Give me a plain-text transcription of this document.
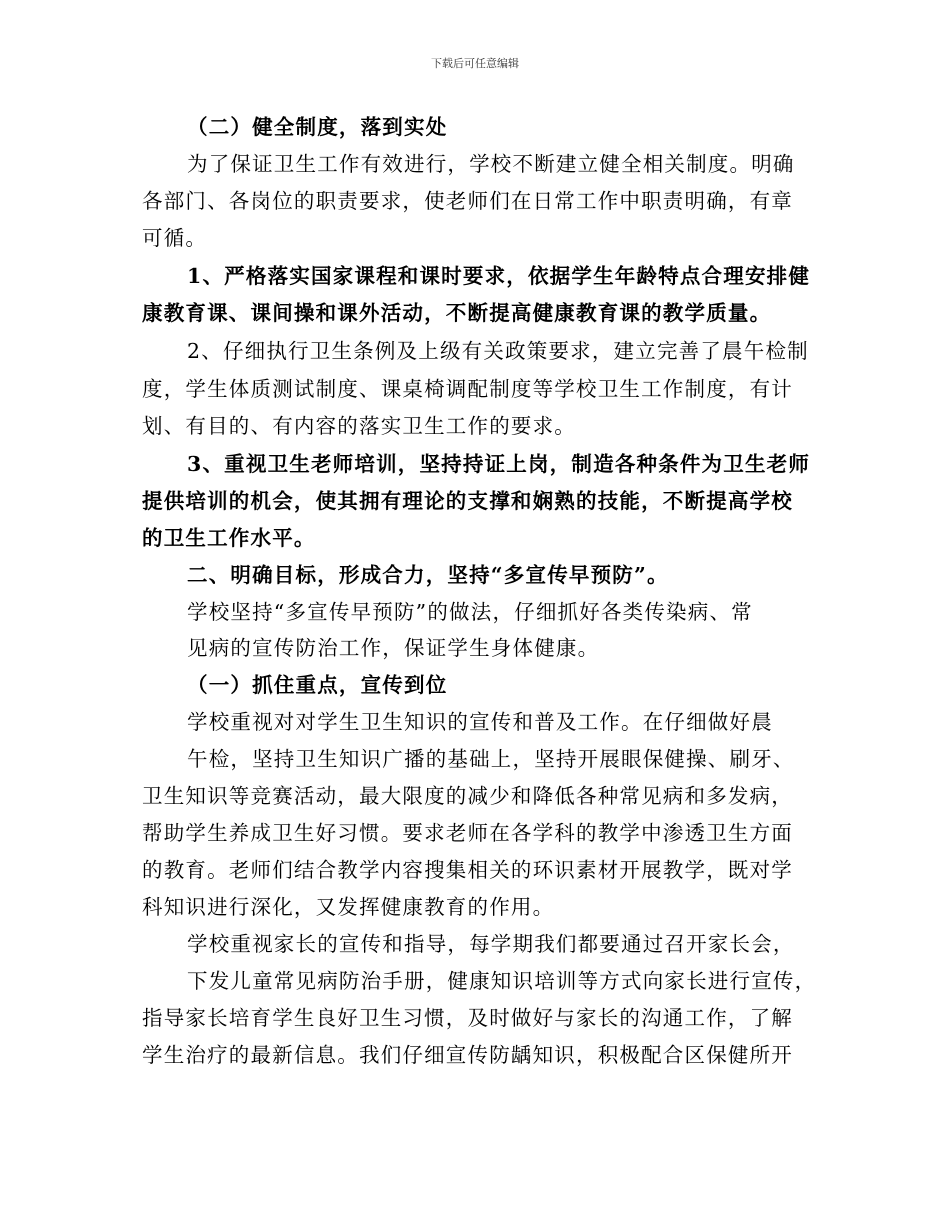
下载后可任意编辑
（二）健全制度，落到实处
为了保证卫生工作有效进行，学校不断建立健全相关制度。明确
各部门、各岗位的职责要求，使老师们在日常工作中职责明确，有章
可循。
1、严格落实国家课程和课时要求，依据学生年龄特点合理安排健
康教育课、课间操和课外活动，不断提高健康教育课的教学质量。
2、仔细执行卫生条例及上级有关政策要求，建立完善了晨午检制
度，学生体质测试制度、课桌椅调配制度等学校卫生工作制度，有计
划、有目的、有内容的落实卫生工作的要求。
3、重视卫生老师培训，坚持持证上岗，制造各种条件为卫生老师
提供培训的机会，使其拥有理论的支撑和娴熟的技能，不断提高学校
的卫生工作水平。
二、明确目标，形成合力，坚持“多宣传早预防”。
学校坚持“多宣传早预防”的做法，仔细抓好各类传染病、常
见病的宣传防治工作，保证学生身体健康。
（一）抓住重点，宣传到位
学校重视对对学生卫生知识的宣传和普及工作。在仔细做好晨
午检，坚持卫生知识广播的基础上，坚持开展眼保健操、刷牙、
卫生知识等竞赛活动，最大限度的减少和降低各种常见病和多发病，
帮助学生养成卫生好习惯。要求老师在各学科的教学中渗透卫生方面
的教育。老师们结合教学内容搜集相关的环识素材开展教学，既对学
科知识进行深化，又发挥健康教育的作用。
学校重视家长的宣传和指导，每学期我们都要通过召开家长会，
下发儿童常见病防治手册，健康知识培训等方式向家长进行宣传，
指导家长培育学生良好卫生习惯，及时做好与家长的沟通工作，了解
学生治疗的最新信息。我们仔细宣传防龋知识，积极配合区保健所开
